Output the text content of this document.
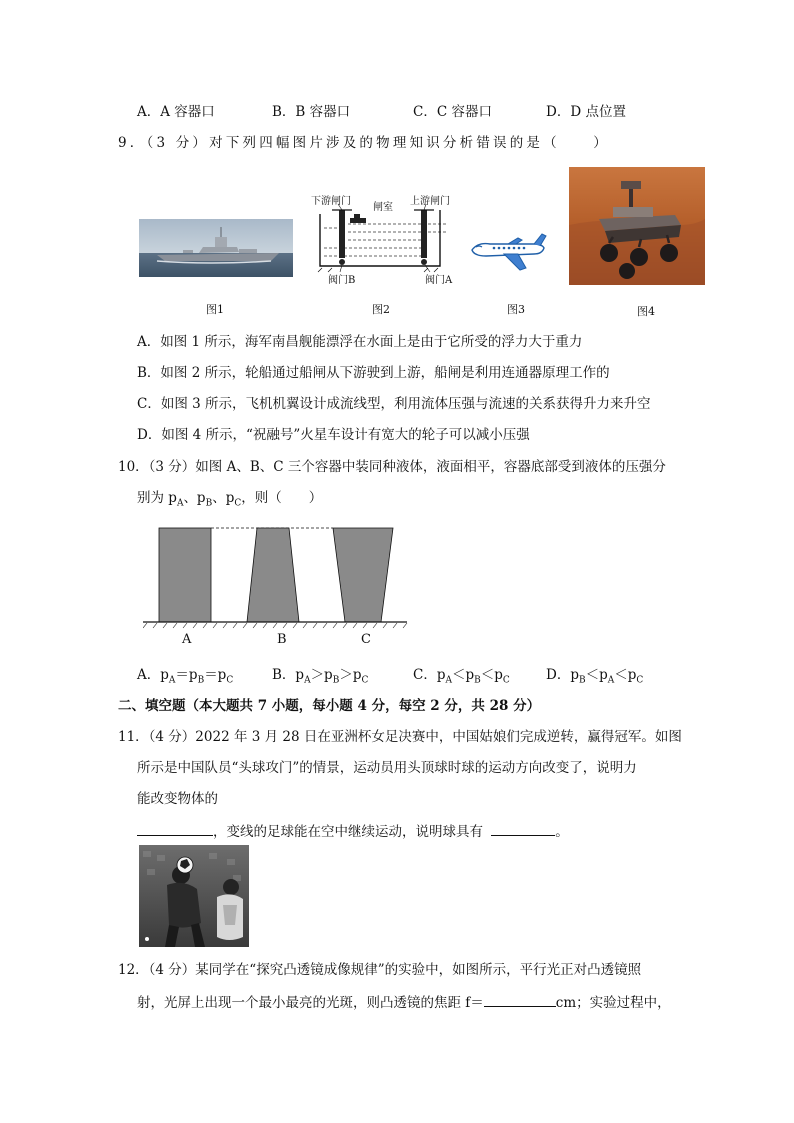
A．A 容器口	B．B 容器口	C．C 容器口	D．D 点位置
9．（3 分）对下列四幅图片涉及的物理知识分析错误的是（　　）
图1
下游闸门
闸室
上游闸门
阀门B	阀门A
图2	图3	图4
A．如图 1 所示，海军南昌舰能漂浮在水面上是由于它所受的浮力大于重力
B．如图 2 所示，轮船通过船闸从下游驶到上游，船闸是利用连通器原理工作的
C．如图 3 所示，飞机机翼设计成流线型，利用流体压强与流速的关系获得升力来升空
D．如图 4 所示，“祝融号”火星车设计有宽大的轮子可以减小压强
10．（3 分）如图 A、B、C 三个容器中装同种液体，液面相平，容器底部受到液体的压强分
别为 $p_A$、$p_B$、$p_C$，则（　　）
A	B	C
A．$p_A=p_B=p_C$	B．$p_A>p_B>p_C$	C．$p_A<p_B<p_C$	D．$p_B<p_A<p_C$
二、填空题（本大题共 7 小题，每小题 4 分，每空 2 分，共 28 分）
11．（4 分）2022 年 3 月 28 日在亚洲杯女足决赛中，中国姑娘们完成逆转，赢得冠军。如图
所示是中国队员“头球攻门”的情景，运动员用头顶球时球的运动方向改变了，说明力
能改变物体的
，变线的足球能在空中继续运动，说明球具有	。
12．（4 分）某同学在“探究凸透镜成像规律”的实验中，如图所示，平行光正对凸透镜照
射，光屏上出现一个最小最亮的光斑，则凸透镜的焦距 f＝	cm；实验过程中，
